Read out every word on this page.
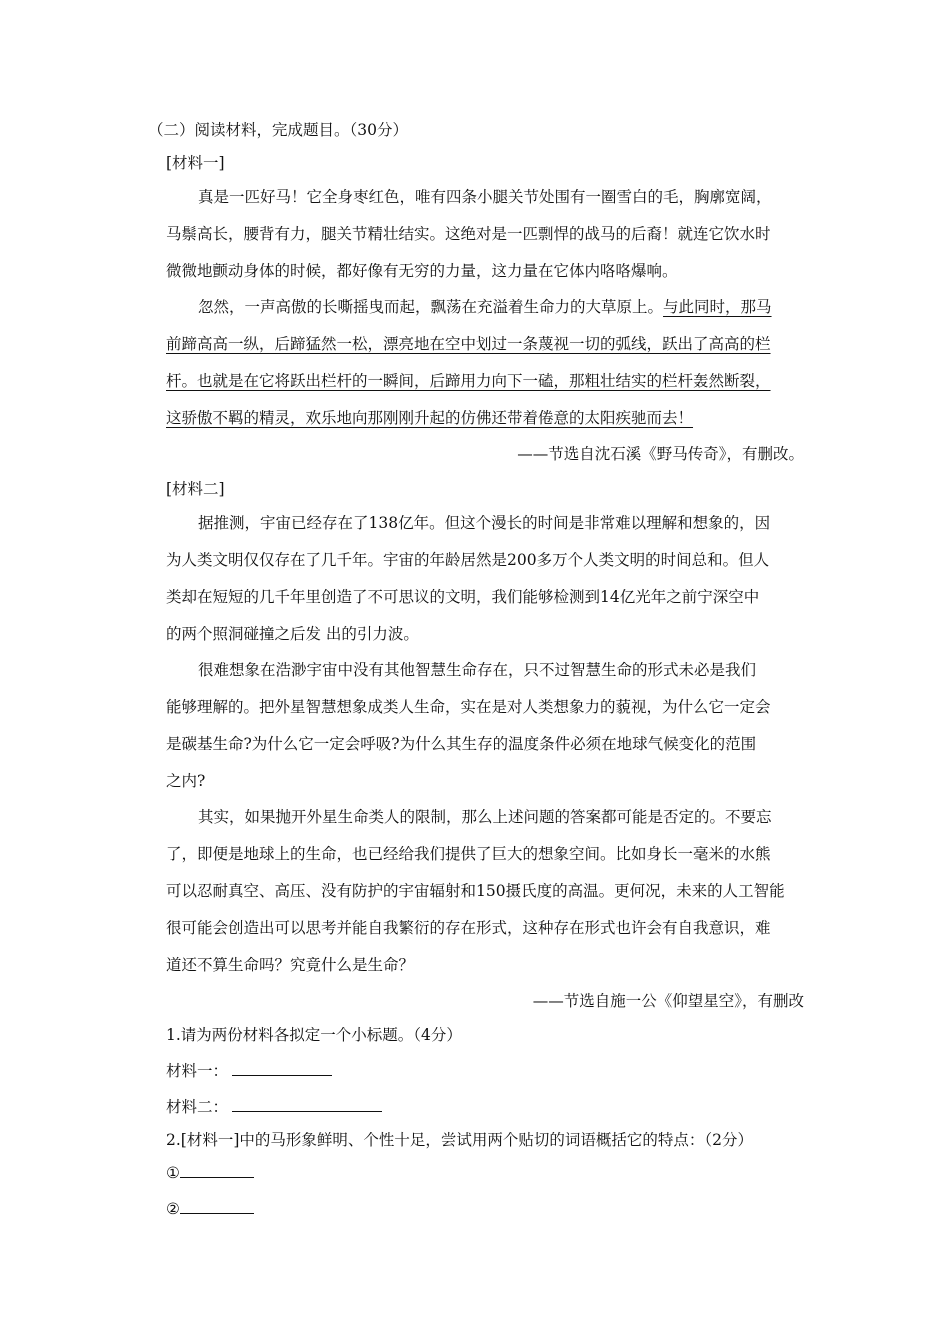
（二）阅读材料，完成题目。（30分）
[材料一]
真是一匹好马！它全身枣红色，唯有四条小腿关节处围有一圈雪白的毛，胸廓宽阔，
马鬃高长，腰背有力，腿关节精壮结实。这绝对是一匹剽悍的战马的后裔！就连它饮水时
微微地颤动身体的时候，都好像有无穷的力量，这力量在它体内咯咯爆响。
忽然，一声高傲的长嘶摇曳而起，飘荡在充溢着生命力的大草原上。与此同时，那马
前蹄高高一纵，后蹄猛然一松，漂亮地在空中划过一条蔑视一切的弧线，跃出了高高的栏
杆。也就是在它将跃出栏杆的一瞬间，后蹄用力向下一磕，那粗壮结实的栏杆轰然断裂，
这骄傲不羁的精灵，欢乐地向那刚刚升起的仿佛还带着倦意的太阳疾驰而去！
——节选自沈石溪《野马传奇》，有删改。
[材料二]
据推测，宇宙已经存在了138亿年。但这个漫长的时间是非常难以理解和想象的，因
为人类文明仅仅存在了几千年。宇宙的年龄居然是200多万个人类文明的时间总和。但人
类却在短短的几千年里创造了不可思议的文明，我们能够检测到14亿光年之前宁深空中
的两个照洞碰撞之后发 出的引力波。
很难想象在浩渺宇宙中没有其他智慧生命存在，只不过智慧生命的形式未必是我们
能够理解的。把外星智慧想象成类人生命，实在是对人类想象力的藐视，为什么它一定会
是碳基生命?为什么它一定会呼吸?为什么其生存的温度条件必须在地球气候变化的范围
之内?
其实，如果抛开外星生命类人的限制，那么上述问题的答案都可能是否定的。不要忘
了，即便是地球上的生命，也已经给我们提供了巨大的想象空间。比如身长一毫米的水熊
可以忍耐真空、高压、没有防护的宇宙辐射和150摄氏度的高温。更何况，未来的人工智能
很可能会创造出可以思考并能自我繁衍的存在形式，这种存在形式也许会有自我意识，难
道还不算生命吗？究竟什么是生命？
——节选自施一公《仰望星空》，有删改
1.请为两份材料各拟定一个小标题。（4分）
材料一：
材料二：
2.[材料一]中的马形象鲜明、个性十足，尝试用两个贴切的词语概括它的特点：（2分）
①
②
